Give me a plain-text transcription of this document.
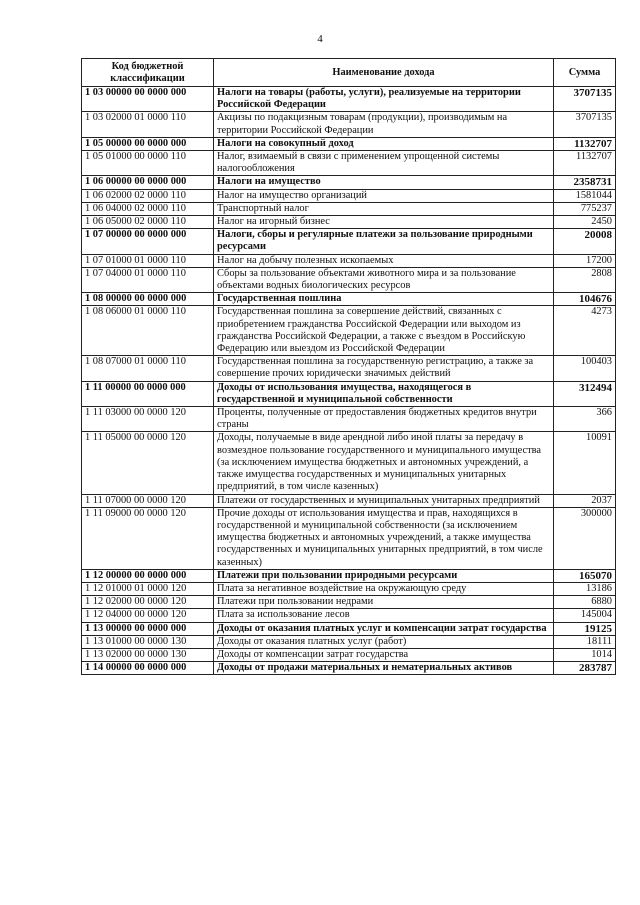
4
Код бюджетной классификации	Наименование дохода	Сумма
1 03 00000 00 0000 000	Налоги на товары (работы, услуги), реализуемые на территории Российской Федерации	3707135
1 03 02000 01 0000 110	Акцизы по подакцизным товарам (продукции), производимым на территории Российской Федерации	3707135
1 05 00000 00 0000 000	Налоги на совокупный доход	1132707
1 05 01000 00 0000 110	Налог, взимаемый в связи с применением упрощенной системы налогообложения	1132707
1 06 00000 00 0000 000	Налоги на имущество	2358731
1 06 02000 02 0000 110	Налог на имущество организаций	1581044
1 06 04000 02 0000 110	Транспортный налог	775237
1 06 05000 02 0000 110	Налог на игорный бизнес	2450
1 07 00000 00 0000 000	Налоги, сборы и регулярные платежи за пользование природными ресурсами	20008
1 07 01000 01 0000 110	Налог на добычу полезных ископаемых	17200
1 07 04000 01 0000 110	Сборы за пользование объектами животного мира и за пользование объектами водных биологических ресурсов	2808
1 08 00000 00 0000 000	Государственная пошлина	104676
1 08 06000 01 0000 110	Государственная пошлина за совершение действий, связанных с приобретением гражданства Российской Федерации или выходом из гражданства Российской Федерации, а также с въездом в Российскую Федерацию или выездом из Российской Федерации	4273
1 08 07000 01 0000 110	Государственная пошлина за государственную регистрацию, а также за совершение прочих юридически значимых действий	100403
1 11 00000 00 0000 000	Доходы от использования имущества, находящегося в государственной и муниципальной собственности	312494
1 11 03000 00 0000 120	Проценты, полученные от предоставления бюджетных кредитов внутри страны	366
1 11 05000 00 0000 120	Доходы, получаемые в виде арендной либо иной платы за передачу в возмездное пользование государственного и муниципального имущества (за исключением имущества бюджетных и автономных учреждений, а также имущества государственных и муниципальных унитарных предприятий, в том числе казенных)	10091
1 11 07000 00 0000 120	Платежи от государственных и муниципальных унитарных предприятий	2037
1 11 09000 00 0000 120	Прочие доходы от использования имущества и прав, находящихся в государственной и муниципальной собственности (за исключением имущества бюджетных и автономных учреждений, а также имущества государственных и муниципальных унитарных предприятий, в том числе казенных)	300000
1 12 00000 00 0000 000	Платежи при пользовании природными ресурсами	165070
1 12 01000 01 0000 120	Плата за негативное воздействие на окружающую среду	13186
1 12 02000 00 0000 120	Платежи при пользовании недрами	6880
1 12 04000 00 0000 120	Плата за использование лесов	145004
1 13 00000 00 0000 000	Доходы от оказания платных услуг и компенсации затрат государства	19125
1 13 01000 00 0000 130	Доходы от оказания платных услуг (работ)	18111
1 13 02000 00 0000 130	Доходы от компенсации затрат государства	1014
1 14 00000 00 0000 000	Доходы от продажи материальных и нематериальных активов	283787
